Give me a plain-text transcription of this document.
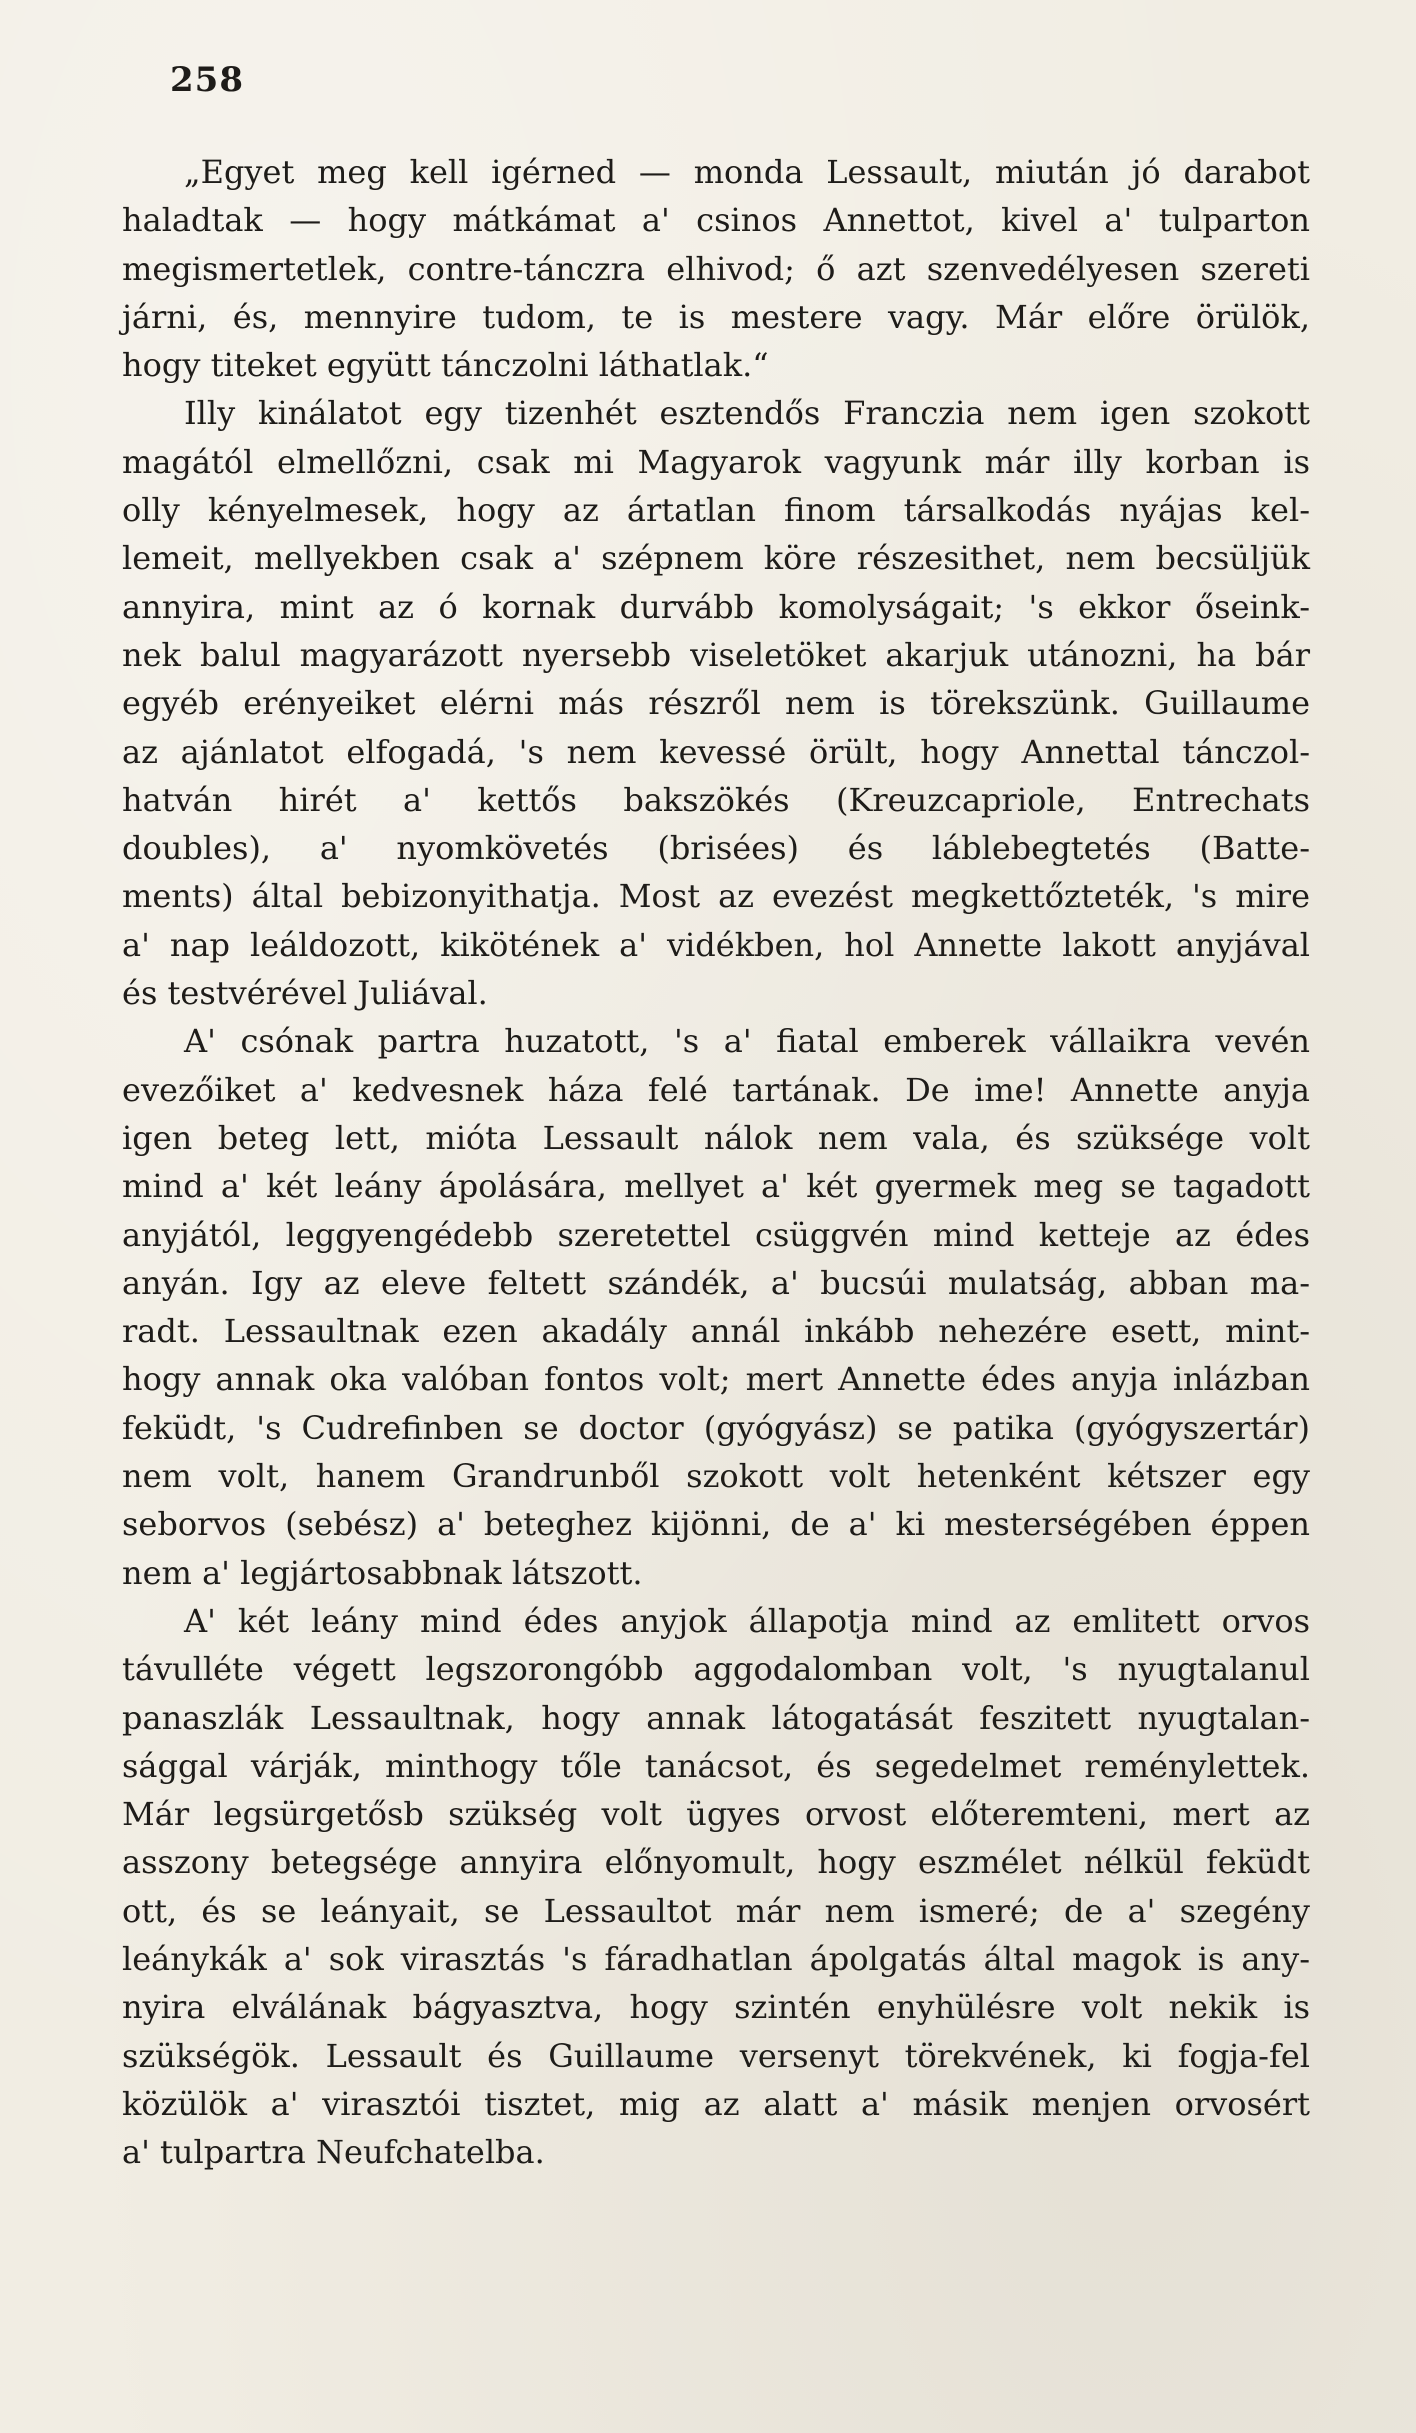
258

„Egyet meg kell igérned — monda Lessault, miután jó darabot
haladtak — hogy mátkámat a' csinos Annettot, kivel a' tulparton
megismertetlek, contre-tánczra elhivod; ő azt szenvedélyesen szereti
járni, és, mennyire tudom, te is mestere vagy. Már előre örülök,
hogy titeket együtt tánczolni láthatlak.“

Illy kinálatot egy tizenhét esztendős Franczia nem igen szokott
magától elmellőzni, csak mi Magyarok vagyunk már illy korban is
olly kényelmesek, hogy az ártatlan finom társalkodás nyájas kel-
lemeit, mellyekben csak a' szépnem köre részesithet, nem becsüljük
annyira, mint az ó kornak durvább komolyságait; 's ekkor őseink-
nek balul magyarázott nyersebb viseletöket akarjuk utánozni, ha bár
egyéb erényeiket elérni más részről nem is törekszünk. Guillaume
az ajánlatot elfogadá, 's nem kevessé örült, hogy Annettal tánczol-
hatván hirét a' kettős bakszökés (Kreuzcapriole, Entrechats
doubles), a' nyomkövetés (brisées) és láblebegtetés (Batte-
ments) által bebizonyithatja. Most az evezést megkettőzteték, 's mire
a' nap leáldozott, kikötének a' vidékben, hol Annette lakott anyjával
és testvérével Juliával.

A' csónak partra huzatott, 's a' fiatal emberek vállaikra vevén
evezőiket a' kedvesnek háza felé tartának. De ime! Annette anyja
igen beteg lett, mióta Lessault nálok nem vala, és szüksége volt
mind a' két leány ápolására, mellyet a' két gyermek meg se tagadott
anyjától, leggyengédebb szeretettel csüggvén mind ketteje az édes
anyán. Igy az eleve feltett szándék, a' bucsúi mulatság, abban ma-
radt. Lessaultnak ezen akadály annál inkább nehezére esett, mint-
hogy annak oka valóban fontos volt; mert Annette édes anyja inlázban
feküdt, 's Cudrefinben se doctor (gyógyász) se patika (gyógyszertár)
nem volt, hanem Grandrunből szokott volt hetenként kétszer egy
seborvos (sebész) a' beteghez kijönni, de a' ki mesterségében éppen
nem a' legjártosabbnak látszott.

A' két leány mind édes anyjok állapotja mind az emlitett orvos
távulléte végett legszorongóbb aggodalomban volt, 's nyugtalanul
panaszlák Lessaultnak, hogy annak látogatását feszitett nyugtalan-
sággal várják, minthogy tőle tanácsot, és segedelmet reménylettek.
Már legsürgetősb szükség volt ügyes orvost előteremteni, mert az
asszony betegsége annyira előnyomult, hogy eszmélet nélkül feküdt
ott, és se leányait, se Lessaultot már nem ismeré; de a' szegény
leánykák a' sok virasztás 's fáradhatlan ápolgatás által magok is any-
nyira elválának bágyasztva, hogy szintén enyhülésre volt nekik is
szükségök. Lessault és Guillaume versenyt törekvének, ki fogja-fel
közülök a' virasztói tisztet, mig az alatt a' másik menjen orvosért
a' tulpartra Neufchatelba.
